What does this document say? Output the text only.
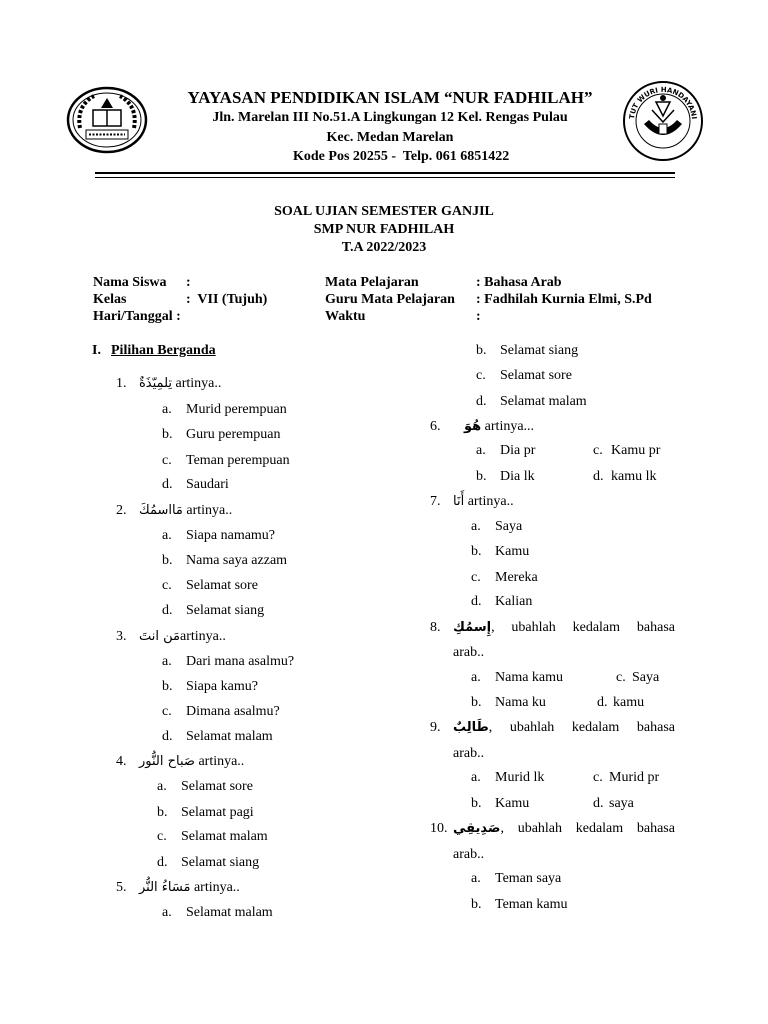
TUT WURI HANDAYANI
YAYASAN PENDIDIKAN ISLAM “NUR FADHILAH”
Jln. Marelan III No.51.A Lingkungan 12 Kel. Rengas Pulau
Kec. Medan Marelan
Kode Pos 20255 -  Telp. 061 6851422
SOAL UJIAN SEMESTER GANJIL
SMP NUR FADHILAH
T.A 2022/2023
Nama Siswa :
Kelas	:  VII (Tujuh)
Hari/Tanggal :
Mata Pelajaran	: Bahasa Arab
Guru Mata Pelajaran : Fadhilah Kurnia Elmi, S.Pd
Waktu	:
I. Pilihan Berganda
1. تِلمِيّذَةٌ artinya..
a. Murid perempuan
b. Guru perempuan
c. Teman perempuan
d. Saudari
2. مَااسمُكَ artinya..
a. Siapa namamu?
b. Nama saya azzam
c. Selamat sore
d. Selamat siang
3. مَن انتَartinya..
a. Dari mana asalmu?
b. Siapa kamu?
c. Dimana asalmu?
d. Selamat malam
4. صَباح النُّور artinya..
a. Selamat sore
b. Selamat pagi
c. Selamat malam
d. Selamat siang
5. مَسَاءُ النُّر artinya..
a. Selamat malam
b. Selamat siang
c. Selamat sore
d. Selamat malam
6. هُوَ artinya...
a. Dia pr	c. Kamu pr
b. Dia lk	d. kamu lk
7. أَنَا artinya..
a. Saya
b. Kamu
c. Mereka
d. Kalian
8. إِسمُكِ, ubahlah kedalam bahasa
arab..
a. Nama kamu	c. Saya
b. Nama ku	d. kamu
9. طَالِبٌ, ubahlah kedalam bahasa
arab..
a. Murid lk	c. Murid pr
b. Kamu	d. saya
10. صَدِيقِي, ubahlah kedalam bahasa
arab..
a. Teman saya
b. Teman kamu
